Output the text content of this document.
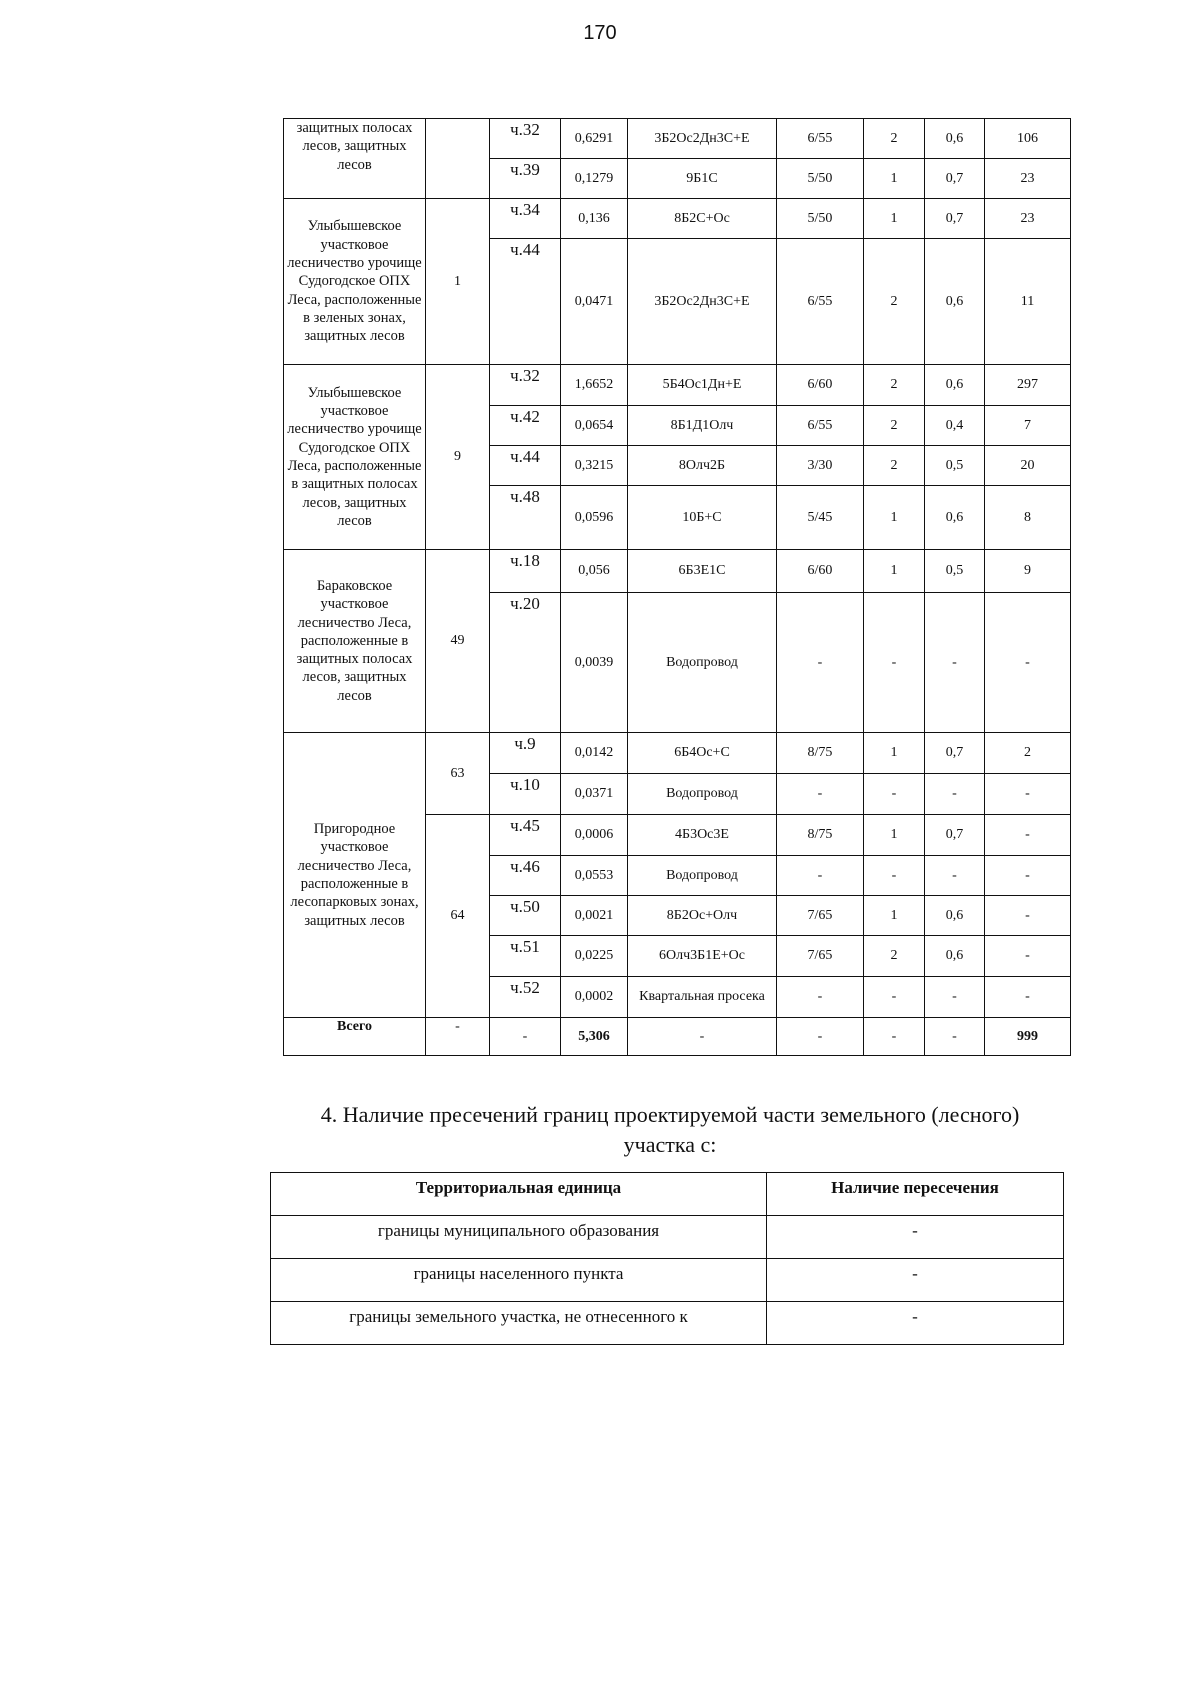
170
защитных полосах лесов, защитных лесов		ч.32	0,6291	3Б2Ос2Дн3С+Е	6/55	2	0,6	106
		ч.39	0,1279	9Б1С	5/50	1	0,7	23
Улыбышевское участковое лесничество урочище Судогодское ОПХ Леса, расположенные в зеленых зонах, защитных лесов	1	ч.34	0,136	8Б2С+Ос	5/50	1	0,7	23
		ч.44	0,0471	3Б2Ос2Дн3С+Е	6/55	2	0,6	11
Улыбышевское участковое лесничество урочище Судогодское ОПХ Леса, расположенные в защитных полосах лесов, защитных лесов	9	ч.32	1,6652	5Б4Ос1Дн+Е	6/60	2	0,6	297
		ч.42	0,0654	8Б1Д1Олч	6/55	2	0,4	7
		ч.44	0,3215	8Олч2Б	3/30	2	0,5	20
		ч.48	0,0596	10Б+С	5/45	1	0,6	8
Бараковское участковое лесничество Леса, расположенные в защитных полосах лесов, защитных лесов	49	ч.18	0,056	6Б3Е1С	6/60	1	0,5	9
		ч.20	0,0039	Водопровод	-	-	-	-
Пригородное участковое лесничество Леса, расположенные в лесопарковых зонах, защитных лесов	63	ч.9	0,0142	6Б4Ос+С	8/75	1	0,7	2
		ч.10	0,0371	Водопровод	-	-	-	-
	64	ч.45	0,0006	4Б3Ос3Е	8/75	1	0,7	-
		ч.46	0,0553	Водопровод	-	-	-	-
		ч.50	0,0021	8Б2Ос+Олч	7/65	1	0,6	-
		ч.51	0,0225	6Олч3Б1Е+Ос	7/65	2	0,6	-
		ч.52	0,0002	Квартальная просека	-	-	-	-
Всего	-	-	5,306	-	-	-	-	999
4. Наличие пресечений границ проектируемой части земельного (лесного)
участка с:
Территориальная единица	Наличие пересечения
границы муниципального образования	-
границы населенного пункта	-
границы земельного участка, не отнесенного к	-
